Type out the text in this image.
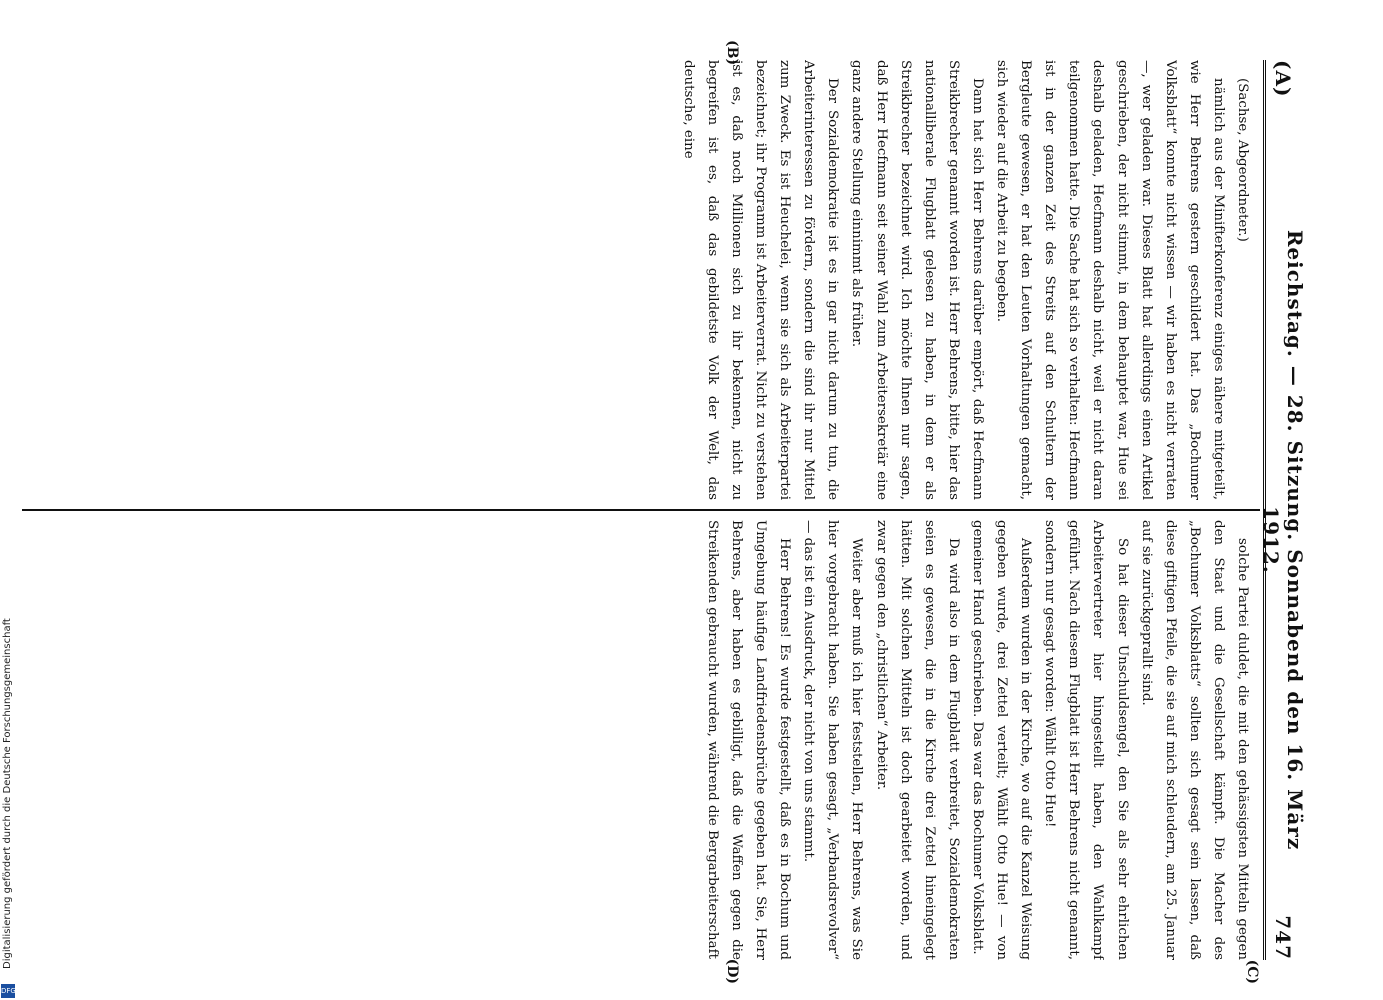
(A)
Reichstag. — 28. Sitzung. Sonnabend den 16. März 1912.
747

(Sachse, Abgeordneter.)

nämlich aus der Minifterkonferenz einiges nähere mitgeteilt, wie Herr Behrens gestern geschildert hat. Das „Bochumer Volksblatt“ konnte nicht wissen — wir haben es nicht verraten —, wer geladen war. Dieses Blatt hat allerdings einen Artikel geschrieben, der nicht stimmt, in dem behauptet war, Hue sei deshalb geladen, Hecfmann deshalb nicht, weil er nicht daran teilgenommen hatte. Die Sache hat sich so verhalten: Hecfmann ist in der ganzen Zeit des Streits auf den Schultern der Bergleute gewesen, er hat den Leuten Vorhaltungen gemacht, sich wieder auf die Arbeit zu begeben.

Dann hat sich Herr Behrens darüber empört, daß Hecfmann Streikbrecher genannt worden ist. Herr Behrens, bitte, hier das nationalliberale Flugblatt gelesen zu haben, in dem er als Streikbrecher bezeichnet wird. Ich möchte Ihnen nur sagen, daß Herr Hecfmann seit seiner Wahl zum Arbeitersekretär eine ganz andere Stellung einnimmt als früher.

Der Sozialdemokratie ist es in gar nicht darum zu tun, die Arbeiterinteressen zu fördern, sondern die sind ihr nur Mittel zum Zweck. Es ist Heuchelei, wenn sie sich als Arbeiterpartei bezeichnet; ihr Programm ist Arbeiterverrat. Nicht zu verstehen ist es, daß noch Millionen sich zu ihr bekennen, nicht zu begreifen ist es, daß das gebildetste Volk der Welt, das deutsche, eine

solche Partei duldet, die mit den gehässigsten Mitteln gegen den Staat und die Gesellschaft kämpft. Die Macher des „Bochumer Volksblatts“ sollten sich gesagt sein lassen, daß diese giftigen Pfeile, die sie auf mich schleudern, am 25. Januar auf sie zurückgeprallt sind.

So hat dieser Unschuldsengel, den Sie als sehr ehrlichen Arbeitervertreter hier hingestellt haben, den Wahlkampf geführt. Nach diesem Flugblatt ist Herr Behrens nicht genannt, sondern nur gesagt worden: Wählt Otto Hue!

Außerdem wurden in der Kirche, wo auf die Kanzel Weisung gegeben wurde, drei Zettel verteilt; Wählt Otto Hue! — von gemeiner Hand geschrieben. Das war das Bochumer Volksblatt.

Da wird also in dem Flugblatt verbreitet, Sozialdemokraten seien es gewesen, die in die Kirche drei Zettel hineingelegt hätten. Mit solchen Mitteln ist doch gearbeitet worden, und zwar gegen den „christlichen“ Arbeiter.

Weiter aber muß ich hier feststellen, Herr Behrens, was Sie hier vorgebracht haben. Sie haben gesagt, „Verbandsrevolver“ — das ist ein Ausdruck, der nicht von uns stammt.

Herr Behrens! Es wurde festgestellt, daß es in Bochum und Umgebung häufige Landfriedensbrüche gegeben hat. Sie, Herr Behrens, aber haben es gebilligt, daß die Waffen gegen die Streikenden gebraucht wurden, während die Bergarbeiterschaft

(B)
(C)
(D)
Digitalisierung gefördert durch die Deutsche Forschungsgemeinschaft
DFG
